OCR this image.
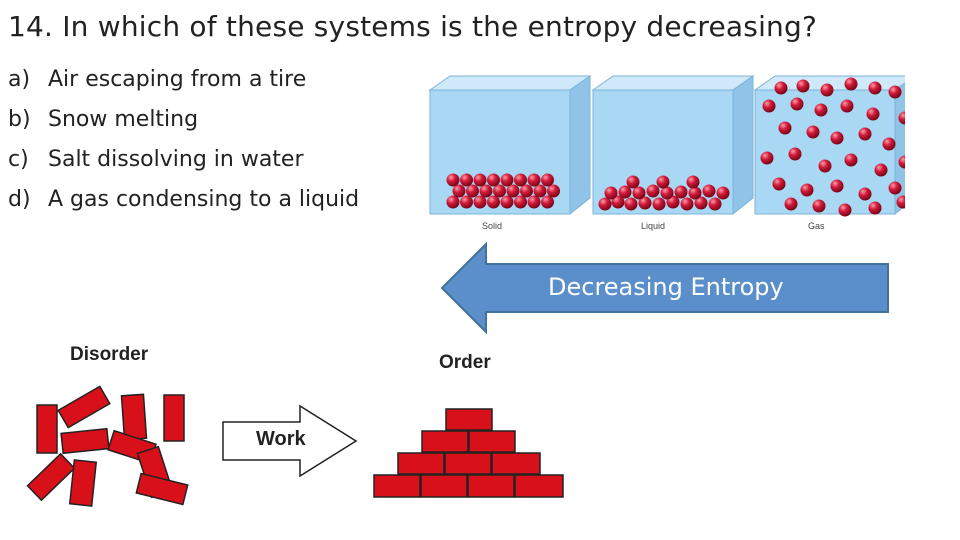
14. In which of these systems is the entropy decreasing?
a) Air escaping from a tire
b) Snow melting
c) Salt dissolving in water
d) A gas condensing to a liquid
Solid	Liquid	Gas
Decreasing Entropy
Disorder	Order
Work
